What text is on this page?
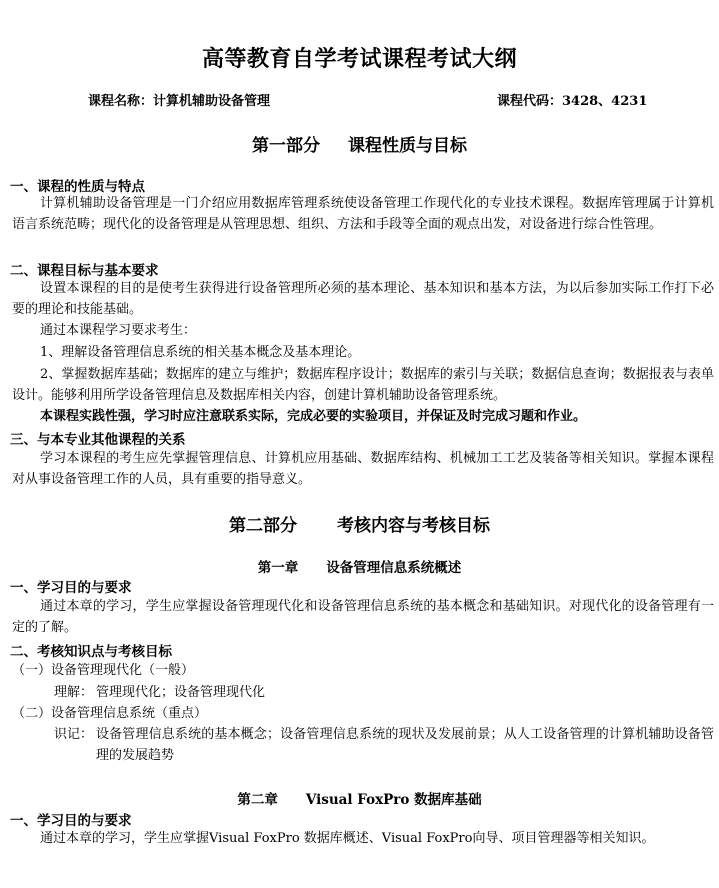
高等教育自学考试课程考试大纲
课程名称：计算机辅助设备管理	课程代码：3428、4231
第一部分 课程性质与目标
一、课程的性质与特点
计算机辅助设备管理是一门介绍应用数据库管理系统使设备管理工作现代化的专业技术课程。数据库管理属于计算机语言系统范畴；现代化的设备管理是从管理思想、组织、方法和手段等全面的观点出发，对设备进行综合性管理。
二、课程目标与基本要求
设置本课程的目的是使考生获得进行设备管理所必须的基本理论、基本知识和基本方法，为以后参加实际工作打下必要的理论和技能基础。
通过本课程学习要求考生：
1、理解设备管理信息系统的相关基本概念及基本理论。
2、掌握数据库基础；数据库的建立与维护；数据库程序设计；数据库的索引与关联；数据信息查询；数据报表与表单设计。能够利用所学设备管理信息及数据库相关内容，创建计算机辅助设备管理系统。
本课程实践性强，学习时应注意联系实际，完成必要的实验项目，并保证及时完成习题和作业。
三、与本专业其他课程的关系
学习本课程的考生应先掌握管理信息、计算机应用基础、数据库结构、机械加工工艺及装备等相关知识。掌握本课程对从事设备管理工作的人员，具有重要的指导意义。
第二部分 考核内容与考核目标
第一章 设备管理信息系统概述
一、学习目的与要求
通过本章的学习，学生应掌握设备管理现代化和设备管理信息系统的基本概念和基础知识。对现代化的设备管理有一定的了解。
二、考核知识点与考核目标
（一）设备管理现代化（一般）
理解： 管理现代化；设备管理现代化
（二）设备管理信息系统（重点）
识记： 设备管理信息系统的基本概念；设备管理信息系统的现状及发展前景；从人工设备管理的计算机辅助设备管理的发展趋势
第二章 Visual FoxPro 数据库基础
一、学习目的与要求
通过本章的学习，学生应掌握Visual FoxPro 数据库概述、Visual FoxPro向导、项目管理器等相关知识。
